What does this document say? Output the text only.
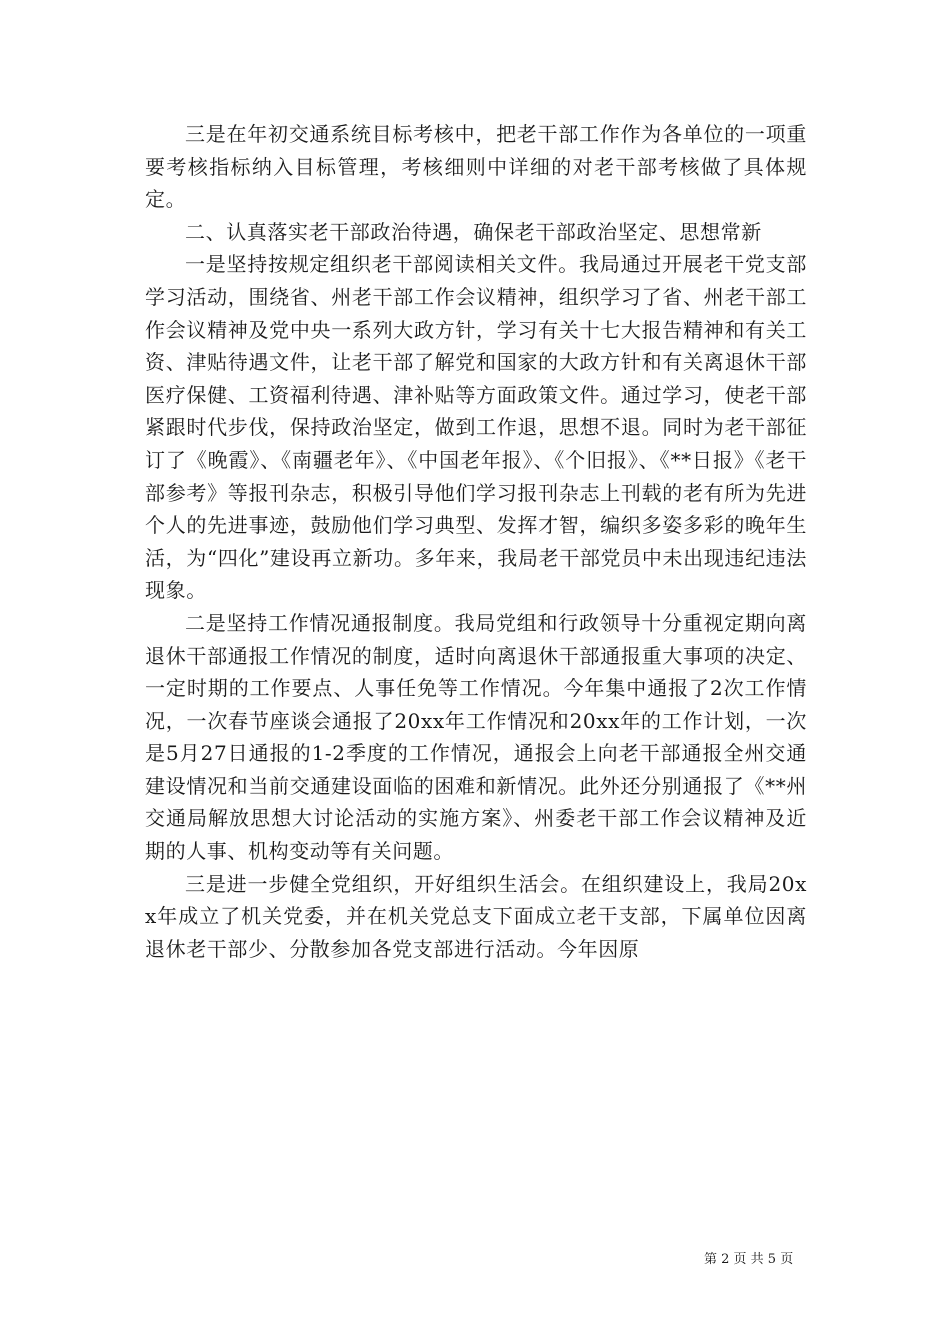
三是在年初交通系统目标考核中，把老干部工作作为各单位的一项重要考核指标纳入目标管理，考核细则中详细的对老干部考核做了具体规定。

二、认真落实老干部政治待遇，确保老干部政治坚定、思想常新

一是坚持按规定组织老干部阅读相关文件。我局通过开展老干党支部学习活动，围绕省、州老干部工作会议精神，组织学习了省、州老干部工作会议精神及党中央一系列大政方针，学习有关十七大报告精神和有关工资、津贴待遇文件，让老干部了解党和国家的大政方针和有关离退休干部医疗保健、工资福利待遇、津补贴等方面政策文件。通过学习，使老干部紧跟时代步伐，保持政治坚定，做到工作退，思想不退。同时为老干部征订了《晚霞》、《南疆老年》、《中国老年报》、《个旧报》、《**日报》《老干部参考》等报刊杂志，积极引导他们学习报刊杂志上刊载的老有所为先进个人的先进事迹，鼓励他们学习典型、发挥才智，编织多姿多彩的晚年生活，为“四化”建设再立新功。多年来，我局老干部党员中未出现违纪违法现象。

二是坚持工作情况通报制度。我局党组和行政领导十分重视定期向离退休干部通报工作情况的制度，适时向离退休干部通报重大事项的决定、一定时期的工作要点、人事任免等工作情况。今年集中通报了2次工作情况，一次春节座谈会通报了20xx年工作情况和20xx年的工作计划，一次是5月27日通报的1-2季度的工作情况，通报会上向老干部通报全州交通建设情况和当前交通建设面临的困难和新情况。此外还分别通报了《**州交通局解放思想大讨论活动的实施方案》、州委老干部工作会议精神及近期的人事、机构变动等有关问题。

三是进一步健全党组织，开好组织生活会。在组织建设上，我局20xx年成立了机关党委，并在机关党总支下面成立老干支部，下属单位因离退休老干部少、分散参加各党支部进行活动。今年因原

第 2 页 共 5 页
